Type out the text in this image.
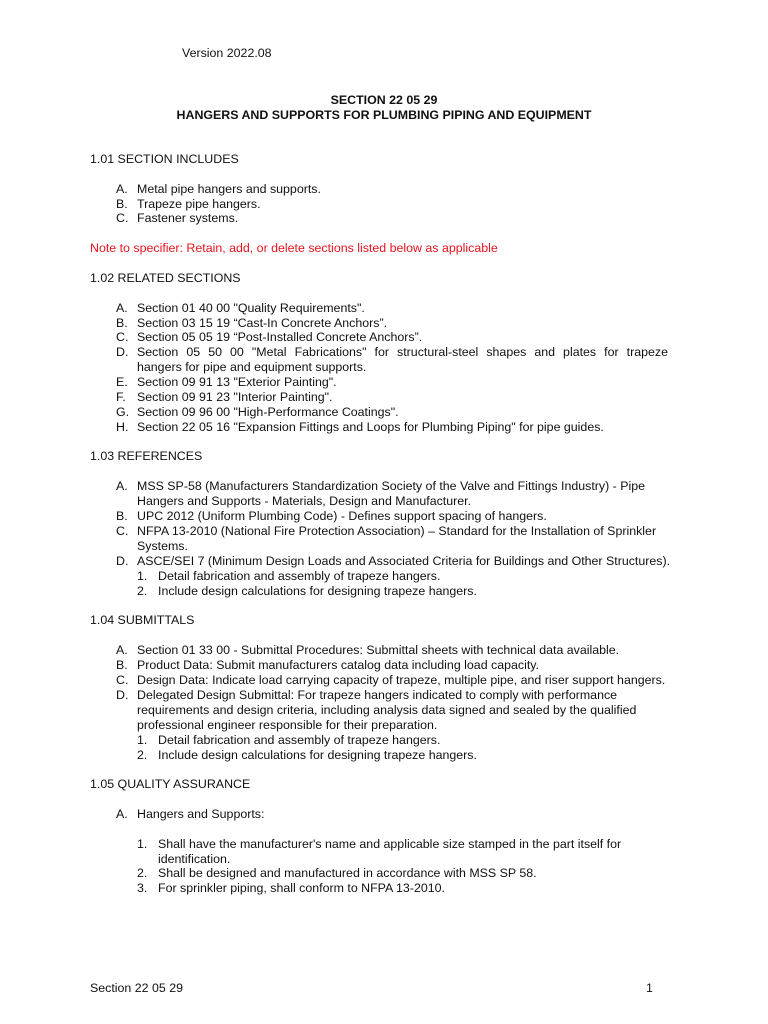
Version 2022.08
SECTION 22 05 29
HANGERS AND SUPPORTS FOR PLUMBING PIPING AND EQUIPMENT
1.01 SECTION INCLUDES
A. Metal pipe hangers and supports.
B. Trapeze pipe hangers.
C. Fastener systems.
Note to specifier: Retain, add, or delete sections listed below as applicable
1.02 RELATED SECTIONS
A. Section 01 40 00 "Quality Requirements".
B. Section 03 15 19 “Cast-In Concrete Anchors”.
C. Section 05 05 19 “Post-Installed Concrete Anchors”.
D. Section 05 50 00 "Metal Fabrications" for structural-steel shapes and plates for trapeze
hangers for pipe and equipment supports.
E. Section 09 91 13 "Exterior Painting".
F. Section 09 91 23 "Interior Painting".
G. Section 09 96 00 "High-Performance Coatings".
H. Section 22 05 16 "Expansion Fittings and Loops for Plumbing Piping" for pipe guides.
1.03 REFERENCES
A. MSS SP-58 (Manufacturers Standardization Society of the Valve and Fittings Industry) - Pipe
Hangers and Supports - Materials, Design and Manufacturer.
B. UPC 2012 (Uniform Plumbing Code) - Defines support spacing of hangers.
C. NFPA 13-2010 (National Fire Protection Association) – Standard for the Installation of Sprinkler
Systems.
D. ASCE/SEI 7 (Minimum Design Loads and Associated Criteria for Buildings and Other Structures).
1. Detail fabrication and assembly of trapeze hangers.
2. Include design calculations for designing trapeze hangers.
1.04 SUBMITTALS
A. Section 01 33 00 - Submittal Procedures: Submittal sheets with technical data available.
B. Product Data: Submit manufacturers catalog data including load capacity.
C. Design Data: Indicate load carrying capacity of trapeze, multiple pipe, and riser support hangers.
D. Delegated Design Submittal: For trapeze hangers indicated to comply with performance
requirements and design criteria, including analysis data signed and sealed by the qualified
professional engineer responsible for their preparation.
1. Detail fabrication and assembly of trapeze hangers.
2. Include design calculations for designing trapeze hangers.
1.05 QUALITY ASSURANCE
A. Hangers and Supports:
1. Shall have the manufacturer's name and applicable size stamped in the part itself for
identification.
2. Shall be designed and manufactured in accordance with MSS SP 58.
3. For sprinkler piping, shall conform to NFPA 13-2010.
Section 22 05 29	1
